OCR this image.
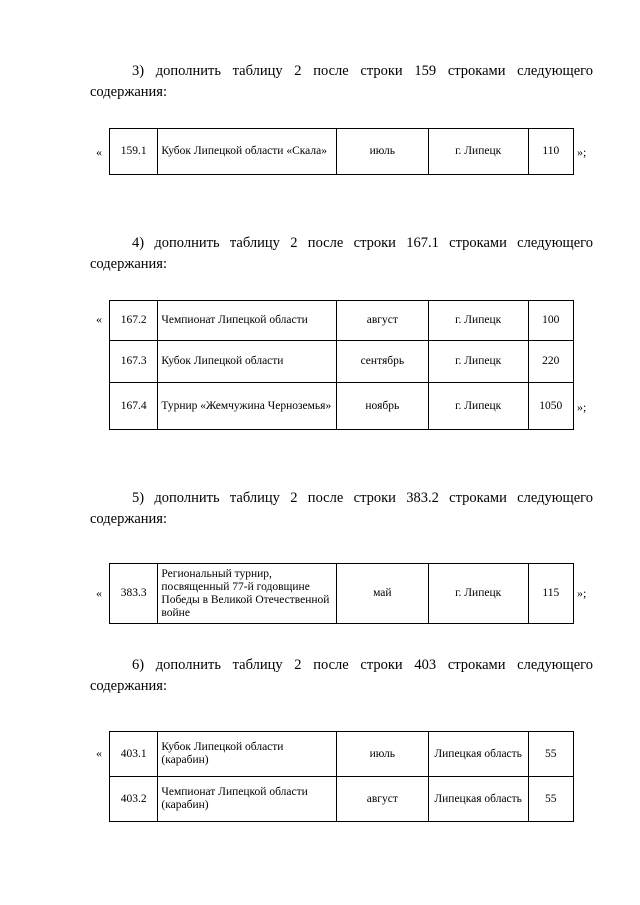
3) дополнить таблицу 2 после строки 159 строками следующего содержания:

« 159.1	Кубок Липецкой области «Скала»	июль	г. Липецк	110 »;

4) дополнить таблицу 2 после строки 167.1 строками следующего содержания:

« 167.2	Чемпионат Липецкой области	август	г. Липецк	100
167.3	Кубок Липецкой области	сентябрь	г. Липецк	220
167.4	Турнир «Жемчужина Черноземья»	ноябрь	г. Липецк	1050 »;

5) дополнить таблицу 2 после строки 383.2 строками следующего содержания:

« 383.3	Региональный турнир, посвященный 77-й годовщине Победы в Великой Отечественной войне	май	г. Липецк	115 »;

6) дополнить таблицу 2 после строки 403 строками следующего содержания:

« 403.1	Кубок Липецкой области (карабин)	июль	Липецкая область	55
403.2	Чемпионат Липецкой области (карабин)	август	Липецкая область	55
